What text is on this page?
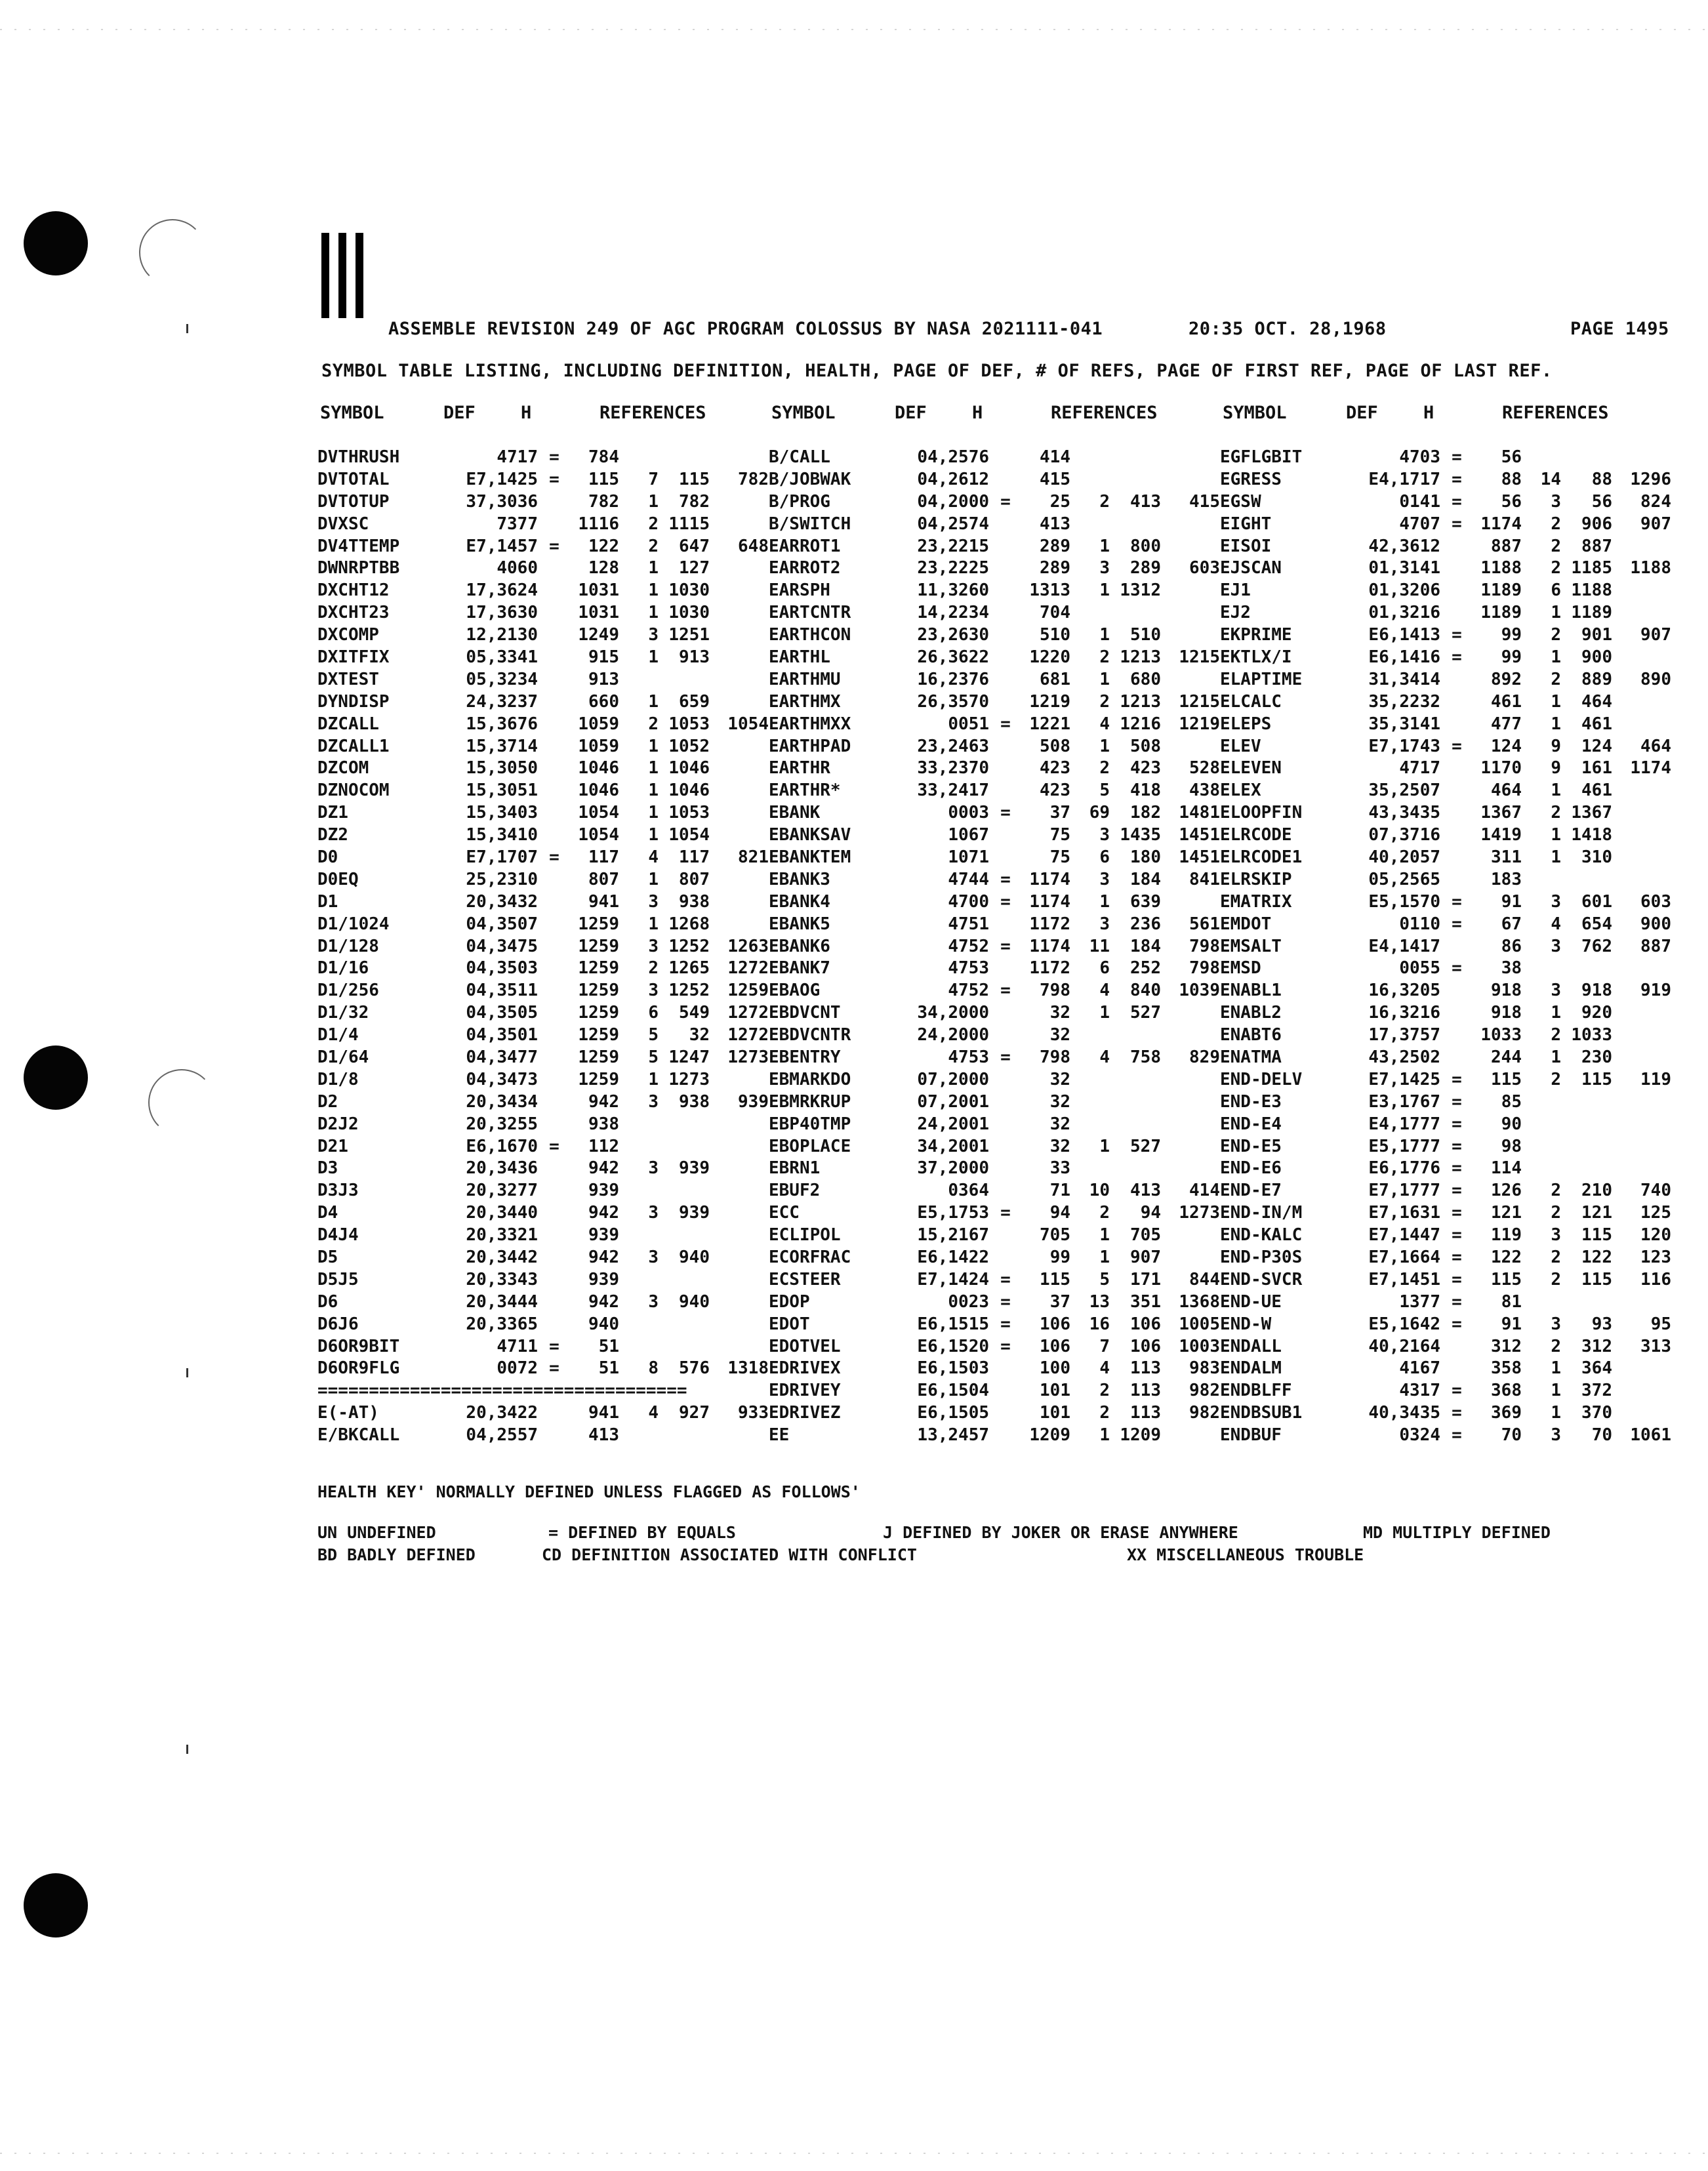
ASSEMBLE REVISION 249 OF AGC PROGRAM COLOSSUS BY NASA 2021111-041	20:35 OCT. 28,1968	PAGE 1495
SYMBOL TABLE LISTING, INCLUDING DEFINITION, HEALTH, PAGE OF DEF, # OF REFS, PAGE OF FIRST REF, PAGE OF LAST REF.
SYMBOL	DEF	H	REFERENCES	SYMBOL	DEF	H	REFERENCES	SYMBOL	DEF	H	REFERENCES
DVTHRUSH	4717 =	784	B/CALL	04,2576	414	EGFLGBIT	4703 =	56
DVTOTAL	E7,1425 =	115	7	115	782 B/JOBWAK	04,2612	415	EGRESS	E4,1717 =	88	14	88	1296
DVTOTUP	37,3036	782	1	782	B/PROG	04,2000 =	25	2	413	415 EGSW	0141 =	56	3	56	824
DVXSC	7377	1116	2 1115	B/SWITCH	04,2574	413	EIGHT	4707 =	1174	2	906	907
DV4TTEMP	E7,1457 =	122	2	647	648 EARROT1	23,2215	289	1	800	EISOI	42,3612	887	2	887
DWNRPTBB	4060	128	1	127	EARROT2	23,2225	289	3	289	603 EJSCAN	01,3141	1188	2 1185	1188
DXCHT12	17,3624	1031	1 1030	EARSPH	11,3260	1313	1 1312	EJ1	01,3206	1189	6 1188
DXCHT23	17,3630	1031	1 1030	EARTCNTR	14,2234	704	EJ2	01,3216	1189	1 1189
DXCOMP	12,2130	1249	3 1251	EARTHCON	23,2630	510	1	510	EKPRIME	E6,1413 =	99	2	901	907
DXITFIX	05,3341	915	1	913	EARTHL	26,3622	1220	2 1213	1215 EKTLX/I	E6,1416 =	99	1	900
DXTEST	05,3234	913	EARTHMU	16,2376	681	1	680	ELAPTIME	31,3414	892	2	889	890
DYNDISP	24,3237	660	1	659	EARTHMX	26,3570	1219	2 1213	1215 ELCALC	35,2232	461	1	464
DZCALL	15,3676	1059	2 1053	1054 EARTHMXX	0051 =	1221	4 1216	1219 ELEPS	35,3141	477	1	461
DZCALL1	15,3714	1059	1 1052	EARTHPAD	23,2463	508	1	508	ELEV	E7,1743 =	124	9	124	464
DZCOM	15,3050	1046	1 1046	EARTHR	33,2370	423	2	423	528 ELEVEN	4717	1170	9	161	1174
DZNOCOM	15,3051	1046	1 1046	EARTHR*	33,2417	423	5	418	438 ELEX	35,2507	464	1	461
DZ1	15,3403	1054	1 1053	EBANK	0003 =	37	69	182	1481 ELOOPFIN	43,3435	1367	2 1367
DZ2	15,3410	1054	1 1054	EBANKSAV	1067	75	3 1435	1451 ELRCODE	07,3716	1419	1 1418
D0	E7,1707 =	117	4	117	821 EBANKTEM	1071	75	6	180	1451 ELRCODE1	40,2057	311	1	310
D0EQ	25,2310	807	1	807	EBANK3	4744 =	1174	3	184	841 ELRSKIP	05,2565	183
D1	20,3432	941	3	938	EBANK4	4700 =	1174	1	639	EMATRIX	E5,1570 =	91	3	601	603
D1/1024	04,3507	1259	1 1268	EBANK5	4751	1172	3	236	561 EMDOT	0110 =	67	4	654	900
D1/128	04,3475	1259	3 1252	1263 EBANK6	4752 =	1174	11	184	798 EMSALT	E4,1417	86	3	762	887
D1/16	04,3503	1259	2 1265	1272 EBANK7	4753	1172	6	252	798 EMSD	0055 =	38
D1/256	04,3511	1259	3 1252	1259 EBAOG	4752 =	798	4	840	1039 ENABL1	16,3205	918	3	918	919
D1/32	04,3505	1259	6	549	1272 EBDVCNT	34,2000	32	1	527	ENABL2	16,3216	918	1	920
D1/4	04,3501	1259	5	32	1272 EBDVCNTR	24,2000	32	ENABT6	17,3757	1033	2 1033
D1/64	04,3477	1259	5 1247	1273 EBENTRY	4753 =	798	4	758	829 ENATMA	43,2502	244	1	230
D1/8	04,3473	1259	1 1273	EBMARKDO	07,2000	32	END-DELV	E7,1425 =	115	2	115	119
D2	20,3434	942	3	938	939 EBMRKRUP	07,2001	32	END-E3	E3,1767 =	85
D2J2	20,3255	938	EBP40TMP	24,2001	32	END-E4	E4,1777 =	90
D21	E6,1670 =	112	EBOPLACE	34,2001	32	1	527	END-E5	E5,1777 =	98
D3	20,3436	942	3	939	EBRN1	37,2000	33	END-E6	E6,1776 =	114
D3J3	20,3277	939	EBUF2	0364	71	10	413	414 END-E7	E7,1777 =	126	2	210	740
D4	20,3440	942	3	939	ECC	E5,1753 =	94	2	94	1273 END-IN/M	E7,1631 =	121	2	121	125
D4J4	20,3321	939	ECLIPOL	15,2167	705	1	705	END-KALC	E7,1447 =	119	3	115	120
D5	20,3442	942	3	940	ECORFRAC	E6,1422	99	1	907	END-P30S	E7,1664 =	122	2	122	123
D5J5	20,3343	939	ECSTEER	E7,1424 =	115	5	171	844 END-SVCR	E7,1451 =	115	2	115	116
D6	20,3444	942	3	940	EDOP	0023 =	37	13	351	1368 END-UE	1377 =	81
D6J6	20,3365	940	EDOT	E6,1515 =	106	16	106	1005 END-W	E5,1642 =	91	3	93	95
D6OR9BIT	4711 =	51	EDOTVEL	E6,1520 =	106	7	106	1003 ENDALL	40,2164	312	2	312	313
D6OR9FLG	0072 =	51	8	576	1318 EDRIVEX	E6,1503	100	4	113	983 ENDALM	4167	358	1	364
====================================	EDRIVEY	E6,1504	101	2	113	982 ENDBLFF	4317 =	368	1	372
E(-AT)	20,3422	941	4	927	933 EDRIVEZ	E6,1505	101	2	113	982 ENDBSUB1	40,3435 =	369	1	370
E/BKCALL	04,2557	413	EE	13,2457	1209	1 1209	ENDBUF	0324 =	70	3	70	1061
HEALTH KEY' NORMALLY DEFINED UNLESS FLAGGED AS FOLLOWS'
UN UNDEFINED	= DEFINED BY EQUALS	J DEFINED BY JOKER OR ERASE ANYWHERE	MD MULTIPLY DEFINED
BD BADLY DEFINED	CD DEFINITION ASSOCIATED WITH CONFLICT	XX MISCELLANEOUS TROUBLE
